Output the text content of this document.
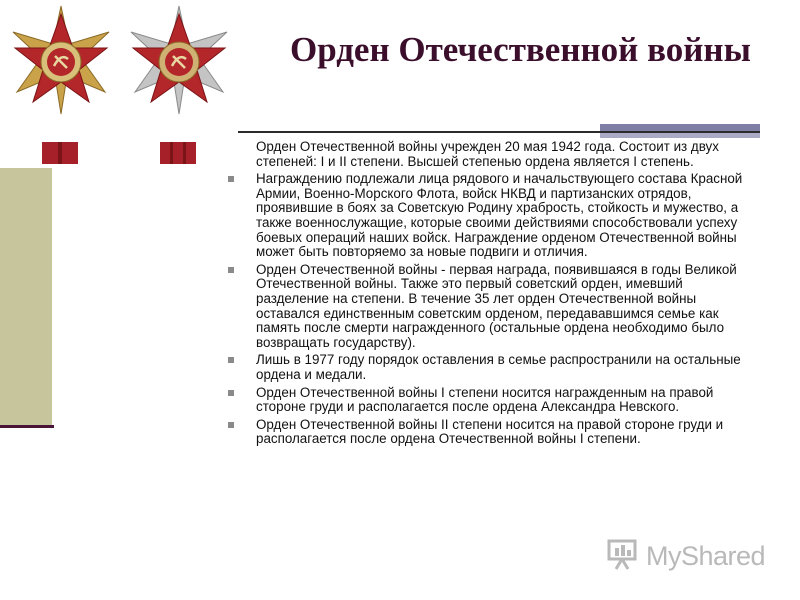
Орден Отечественной войны

Орден Отечественной войны учрежден 20 мая 1942 года. Состоит из двух степеней: I и II степени. Высшей степенью ордена является I степень.

Награждению подлежали лица рядового и начальствующего состава Красной Армии, Военно-Морского Флота, войск НКВД и партизанских отрядов, проявившие в боях за Советскую Родину храбрость, стойкость и мужество, а также военнослужащие, которые своими действиями способствовали успеху боевых операций наших войск. Награждение орденом Отечественной войны может быть повторяемо за новые подвиги и отличия.

Орден Отечественной войны - первая награда, появившаяся в годы Великой Отечественной войны. Также это первый советский орден, имевший разделение на степени. В течение 35 лет орден Отечественной войны оставался единственным советским орденом, передававшимся семье как память после смерти награжденного (остальные ордена необходимо было возвращать государству).

Лишь в 1977 году порядок оставления в семье распространили на остальные ордена и медали.

Орден Отечественной войны I степени носится награжденным на правой стороне груди и располагается после ордена Александра Невского.

Орден Отечественной войны II степени носится на правой стороне груди и располагается после ордена Отечественной войны I степени.

MyShared
